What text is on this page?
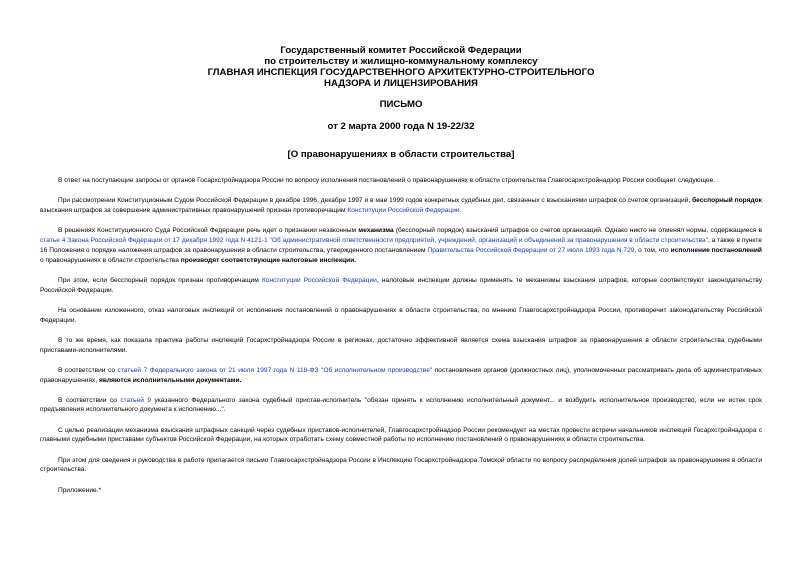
Государственный комитет Российской Федерации
по строительству и жилищно-коммунальному комплексу
ГЛАВНАЯ ИНСПЕКЦИЯ ГОСУДАРСТВЕННОГО АРХИТЕКТУРНО-СТРОИТЕЛЬНОГО
НАДЗОРА И ЛИЦЕНЗИРОВАНИЯ
ПИСЬМО
от 2 марта 2000 года N 19-22/32
[О правонарушениях в области строительства]

В ответ на поступающие запросы от органов Госархстройнадзора России по вопросу исполнения постановлений о правонарушениях в области строительства Главгосархстройнадзор России сообщает следующее.

При рассмотрении Конституционным Судом Российской Федерации в декабре 1996, декабре 1997 и в мае 1999 годов конкретных судебных дел, связанных с взысканиями штрафов со счетов организаций, бесспорный порядок взыскания штрафов за совершение административных правонарушений признан противоречащим Конституции Российской Федерации.

В решениях Конституционного Суда Российской Федерации речь идет о признании незаконным механизма (бесспорный порядок) взысканий штрафов со счетов организаций. Однако никто не отменял нормы, содержащиеся в статье 4 Закона Российской Федерации от 17 декабря 1992 года N 4121-1 "Об административной ответственности предприятий, учреждений, организаций и объединений за правонарушения в области строительства", а также в пункте 16 Положения о порядке наложения штрафов за правонарушения в области строительства, утвержденного постановлением Правительства Российской Федерации от 27 июля 1993 года N 729, о том, что исполнение постановлений о правонарушениях в области строительства производят соответствующие налоговые инспекции.

При этом, если бесспорный порядок признан противоречащим Конституции Российской Федерации, налоговые инспекции должны применять те механизмы взыскания штрафов, которые соответствуют законодательству Российской Федерации.

На основании изложенного, отказ налоговых инспекций от исполнения постановлений о правонарушениях в области строительства, по мнению Главгосархстройнадзора России, противоречит законодательству Российской Федерации.

В то же время, как показала практика работы инспекций Госархстройнадзора России в регионах, достаточно эффективной является схема взыскания штрафов за правонарушения в области строительства судебными приставами-исполнителями.

В соответствии со статьей 7 Федерального закона от 21 июля 1997 года N 118-ФЗ "Об исполнительном производстве" постановления органов (должностных лиц), уполномоченных рассматривать дела об административных правонарушениях, являются исполнительными документами.

В соответствии со статьей 9 указанного Федерального закона судебный пристав-исполнитель "обязан принять к исполнению исполнительный документ... и возбудить исполнительное производство, если не истек срок предъявления исполнительного документа к исполнению...".

С целью реализации механизма взыскания штрафных санкций через судебных приставов-исполнителей, Главгосархстройнадзор России рекомендует на местах провести встречи начальников инспекций Госархстройнадзора с главными судебными приставами субъектов Российской Федерации, на которых отработать схему совместной работы по исполнению постановлений о правонарушениях в области строительства.

При этом для сведения и руководства в работе прилагается письмо Главгосархстройнадзора России в Инспекцию Госархстройнадзора Томской области по вопросу распределения долей штрафов за правонарушения в области строительства.

Приложение.*
